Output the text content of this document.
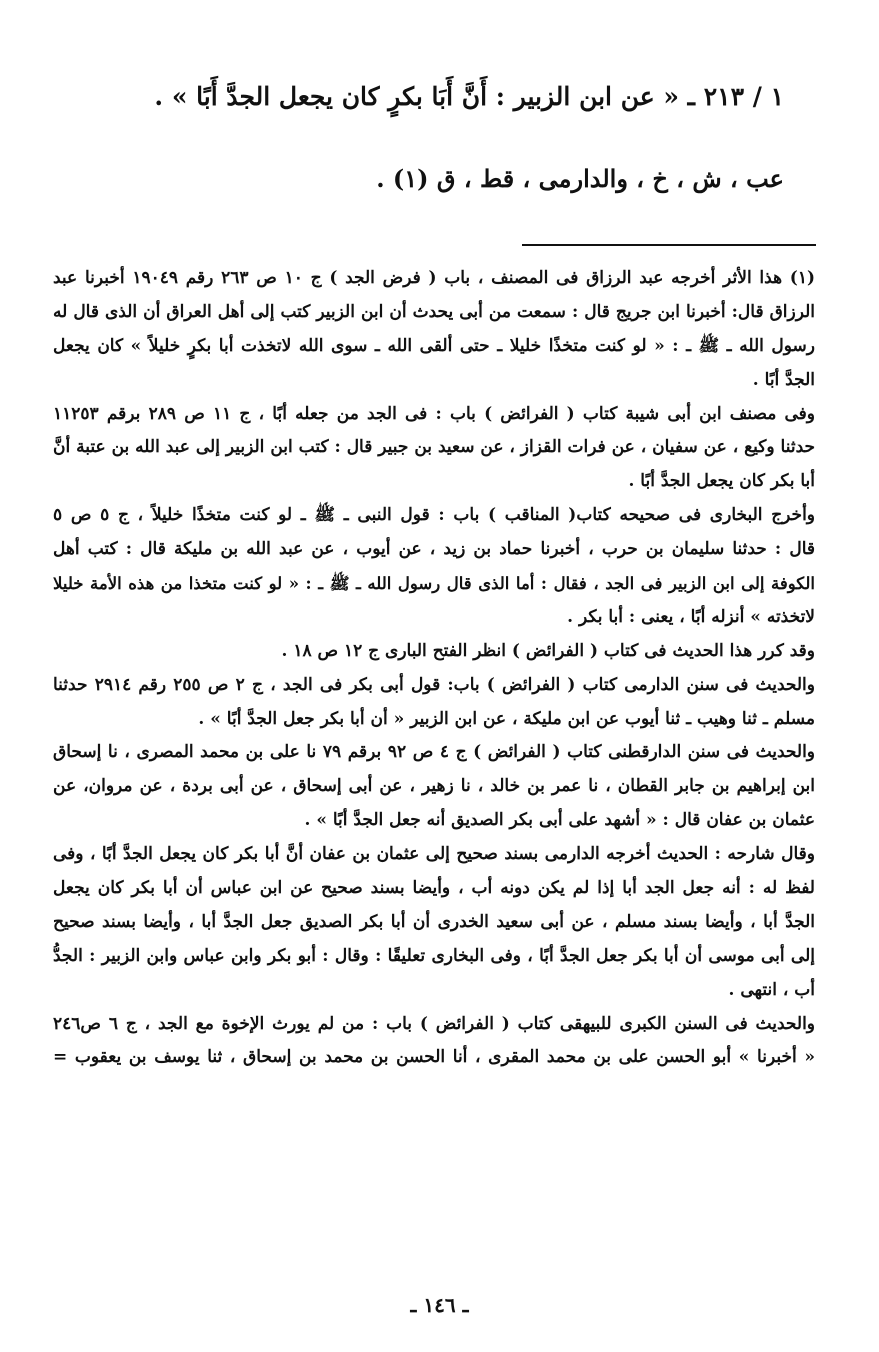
١ / ٢١٣ ـ « عن ابن الزبير : أَنَّ أَبَا بكرٍ كان يجعل الجدَّ أَبًا » .
عب ، ش ، خ ، والدارمى ، قط ، ق (١) .
(١) هذا الأثر أخرجه عبد الرزاق فى المصنف ، باب ( فرض الجد ) ج ١٠ ص ٢٦٣ رقم ١٩٠٤٩ أخبرنا عبد
الرزاق قال: أخبرنا ابن جريج قال : سمعت من أبى يحدث أن ابن الزبير كتب إلى أهل العراق أن الذى قال له
رسول الله ـ ﷺ ـ : « لو كنت متخذًا خليلا ـ حتى ألقى الله ـ سوى الله لاتخذت أبا بكرٍ خليلاً » كان يجعل
الجدَّ أبًا .
وفى مصنف ابن أبى شيبة كتاب ( الفرائض ) باب : فى الجد من جعله أبًا ، ج ١١ ص ٢٨٩ برقم ١١٢٥٣
حدثنا وكيع ، عن سفيان ، عن فرات القزاز ، عن سعيد بن جبير قال : كتب ابن الزبير إلى عبد الله بن عتبة أنَّ
أبا بكر كان يجعل الجدَّ أبًا .
وأخرج البخارى فى صحيحه كتاب( المناقب ) باب : قول النبى ـ ﷺ ـ لو كنت متخذًا خليلاً ، ج ٥ ص ٥
قال : حدثنا سليمان بن حرب ، أخبرنا حماد بن زيد ، عن أيوب ، عن عبد الله بن مليكة قال : كتب أهل
الكوفة إلى ابن الزبير فى الجد ، فقال : أما الذى قال رسول الله ـ ﷺ ـ : « لو كنت متخذا من هذه الأمة خليلا
لاتخذته » أنزله أبًا ، يعنى : أبا بكر .
وقد كرر هذا الحديث فى كتاب ( الفرائض ) انظر الفتح البارى ج ١٢ ص ١٨ .
والحديث فى سنن الدارمى كتاب ( الفرائض ) باب: قول أبى بكر فى الجد ، ج ٢ ص ٢٥٥ رقم ٢٩١٤ حدثنا
مسلم ـ ثنا وهيب ـ ثنا أيوب عن ابن مليكة ، عن ابن الزبير « أن أبا بكر جعل الجدَّ أبًا » .
والحديث فى سنن الدارقطنى كتاب ( الفرائض ) ج ٤ ص ٩٢ برقم ٧٩ نا على بن محمد المصرى ، نا إسحاق
ابن إبراهيم بن جابر القطان ، نا عمر بن خالد ، نا زهير ، عن أبى إسحاق ، عن أبى بردة ، عن مروان، عن
عثمان بن عفان قال : « أشهد على أبى بكر الصديق أنه جعل الجدَّ أبًا » .
وقال شارحه : الحديث أخرجه الدارمى بسند صحيح إلى عثمان بن عفان أنَّ أبا بكر كان يجعل الجدَّ أبًا ، وفى
لفظ له : أنه جعل الجد أبا إذا لم يكن دونه أب ، وأيضا بسند صحيح عن ابن عباس أن أبا بكر كان يجعل
الجدَّ أبا ، وأيضا بسند مسلم ، عن أبى سعيد الخدرى أن أبا بكر الصديق جعل الجدَّ أبا ، وأيضا بسند صحيح
إلى أبى موسى أن أبا بكر جعل الجدَّ أبًا ، وفى البخارى تعليقًا : وقال : أبو بكر وابن عباس وابن الزبير : الجدُّ
أب ، انتهى .
والحديث فى السنن الكبرى للبيهقى كتاب ( الفرائض ) باب : من لم يورث الإخوة مع الجد ، ج ٦ ص٢٤٦
« أخبرنا » أبو الحسن على بن محمد المقرى ، أنا الحسن بن محمد بن إسحاق ، ثنا يوسف بن يعقوب =
ـ ١٤٦ ـ
